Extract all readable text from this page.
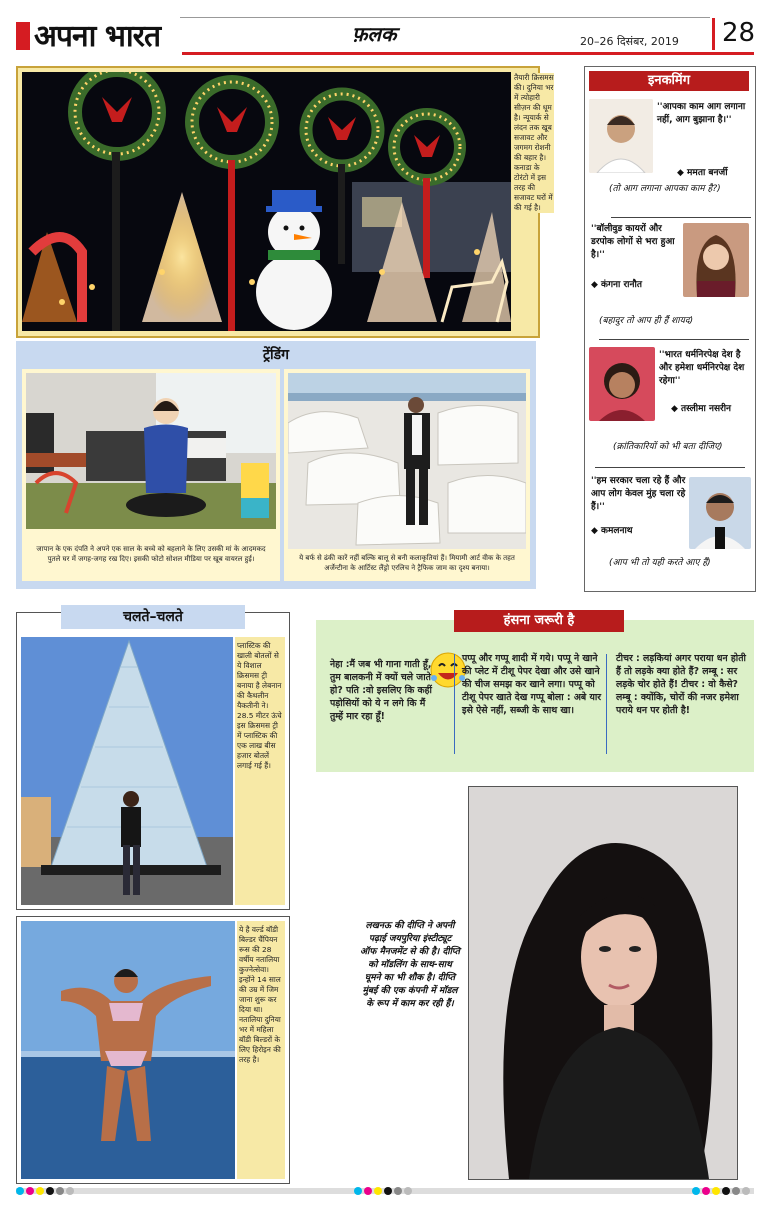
अपना भारत	फ़लक	20–26 दिसंबर, 2019 28
तैयारी क्रिसमस की। दुनिया भर में त्योहारी सीज़न की धूम है। न्यूयार्क से लंदन तक खूब सजावट और जगमग रोशनी की बहार है। कनाडा के टोरंटो में इस तरह की सजावट घरों में की गई है।
ट्रेंडिंग
जापान के एक दंपति ने अपने एक साल के बच्चे को बहलाने के लिए उसकी मां के आदमकद पुतले घर में जगह-जगह रख दिए। इसकी फोटो सोशल मीडिया पर खूब वायरल हुई।	ये बर्फ से ढंकी कारें नहीं बल्कि बालू से बनी कलाकृतियां हैं। मियामी आर्ट वीक के तहत अर्जेन्टीना के आर्टिस्ट लैंड्रो एरलिच ने ट्रैफिक जाम का दृश्य बनाया।
इनकमिंग
''आपका काम आग लगाना नहीं, आग बुझाना है।''
◆ ममता बनर्जी
(तो आग लगाना आपका काम है?)
''बॉलीवुड कायरों और डरपोक लोगों से भरा हुआ है।''
◆ कंगना रानौत
(बहादुर तो आप ही हैं शायद)
''भारत धर्मनिरपेक्ष देश है और हमेशा धर्मनिरपेक्ष देश रहेगा''
◆ तस्लीमा नसरीन
(क्रांतिकारियों को भी बता दीजिए)
''हम सरकार चला रहे हैं और आप लोग केवल मुंह चला रहे हैं।''
◆ कमलनाथ
(आप भी तो यही करते आए हैं)
चलते–चलते
प्लास्टिक की खाली बोतलों से ये विशाल क्रिसमस ट्री बनाया है लेबनान की कैथलीन यैकतीनी ने। 28.5 मीटर ऊंचे इस क्रिसमस ट्री में प्लास्टिक की एक लाख बीस हजार बोतलें लगाई गई हैं।
ये है वर्ल्ड बॉडी बिल्डर चैंपियन रूस की 28 वर्षीय नतालिया कुज्नेत्सेवा। इन्होंने 14 साल की उम्र में जिम जाना शुरू कर दिया था। नतालिया दुनिया भर में महिला बॉडी बिल्डरों के लिए हिरोइन की तरह है।
हंसना जरूरी है
नेहा :मैं जब भी गाना गाती हूँ, तुम बालकनी में क्यों चले जाते हो? पति :वो इसलिए कि कहीं पड़ोसियों को ये न लगे कि मैं तुम्हें मार रहा हूँ!
पप्पू और गप्पू शादी में गये। पप्पू ने खाने की प्लेट में टीशू पेपर देखा और उसे खाने की चीज समझ कर खाने लगा। पप्पू को टीशू पेपर खाते देख गप्पू बोला : अबे यार इसे ऐसे नहीं, सब्जी के साथ खा।
टीचर : लड़कियां अगर पराया धन होती हैं तो लड़के क्या होते हैं? लम्बू : सर लड़के चोर होते हैं! टीचर : वो कैसे? लम्बू : क्योंकि, चोरों की नजर हमेशा पराये धन पर होती है!
लखनऊ की दीप्ति ने अपनी पढ़ाई जयपुरिया इंस्टीट्यूट ऑफ मैनजमेंट से की है। दीप्ति को मॉडलिंग के साथ-साथ घूमने का भी शौक है। दीप्ति मुंबई की एक कंपनी में मॉडल के रूप में काम कर रही हैं।
